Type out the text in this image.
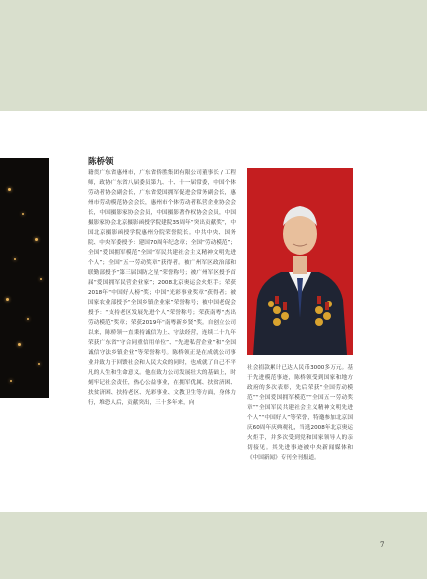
陈桥领

籍贯广东省惠州市，广东省侨胜集团有限公司董事长 / 工程师，政协广东省八届委员第九、十、十一届常委，中国个体劳动者协会副会长，广东省爱国拥军促进会常务副会长，惠州市劳动模范协会会长，惠州市个体劳动者私营企业协会会长，中国摄影家协会会员，中国摄影著作权协会会员，中国摄影家协会北京摄影函授学院建院35周年“突出贡献奖”，中国北京摄影函授学院惠州分院荣誉院长。中共中央、国务院、中央军委授予：建国70周年纪念章；全国“劳动模范”；全国“爱国拥军模范”全国“军民共建社会主义精神文明先进个人”；全国“五一劳动奖章”获得者。被广州军区政治部和联勤部授予“第三届国防之星”荣誉称号；被广州军区授予首届“爱国拥军民营企业家”；2008北京奥运会火炬手；荣获2018年“中国好人榜”奖；中国“光彩事业奖章”获得者；被国家农业部授予“全国乡镇企业家”荣誉称号；被中国老促会授予：“支持老区发展先进个人”荣誉称号；荣获南粤“杰出劳动模范”奖章；荣获2019年“南粤新乡贤”奖。自创立公司以来，陈桥领一直秉持诚信为上、守法经营，连续二十九年荣获广东省“守合同重信用单位”、“先进私营企业”和“全国诚信守法乡镇企业”等荣誉称号。陈桥领正是在成就公司事业并致力于回馈社会和人民大众的同时，也成就了自己不平凡的人生和生命意义。他在致力公司发展壮大的基础上，时刻牢记社会责任，热心公益事业，在拥军优属、扶贫济困、扶贫济困、扶持老区、光彩事业、文教卫生等方面，身体力行，堆恐人后，贡献突出，三十多年来，向

社会捐款累计已达人民币3000多万元。基于先进模范事迹，陈桥领受到国家和地方政府的多次表彰，先后荣获“全国劳动模范”“全国爱国拥军模范”“全国五一劳动奖章”“全国军民共建社会主义精神文明先进个人”“中国好人”等荣誉，特邀参加北京国庆60周年庆典观礼，当选2008年北京奥运火炬手，并多次受到党和国家领导人的亲切接见。其先进事迹被中央新闻媒体和《中国新闻》专刊全刊报道。

7
